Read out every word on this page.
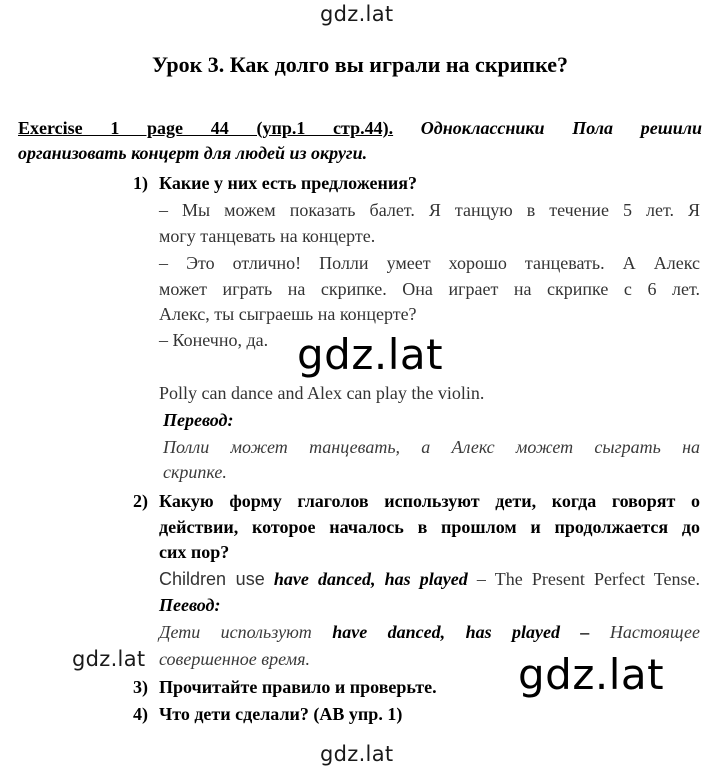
gdz.lat
gdz.lat
gdz.lat	gdz.lat
gdz.lat
Урок 3. Как долго вы играли на скрипке?
Exercise 1 page 44 (упр.1 стр.44). Одноклассники Пола решили
организовать концерт для людей из округи.
1) Какие у них есть предложения?
– Мы можем показать балет. Я танцую в течение 5 лет. Я
могу танцевать на концерте.
– Это отлично! Полли умеет хорошо танцевать. А Алекс
может играть на скрипке. Она играет на скрипке с 6 лет.
Алекс, ты сыграешь на концерте?
– Конечно, да.
Polly can dance and Alex can play the violin.
Перевод:
Полли может танцевать, а Алекс может сыграть на
скрипке.
2) Какую форму глаголов используют дети, когда говорят о
действии, которое началось в прошлом и продолжается до
сих пор?
Children use have danced, has played – The Present Perfect Tense.
Пеевод:
Дети используют have danced, has played – Настоящее
совершенное время.
3) Прочитайте правило и проверьте.
4) Что дети сделали? (AB упр. 1)
